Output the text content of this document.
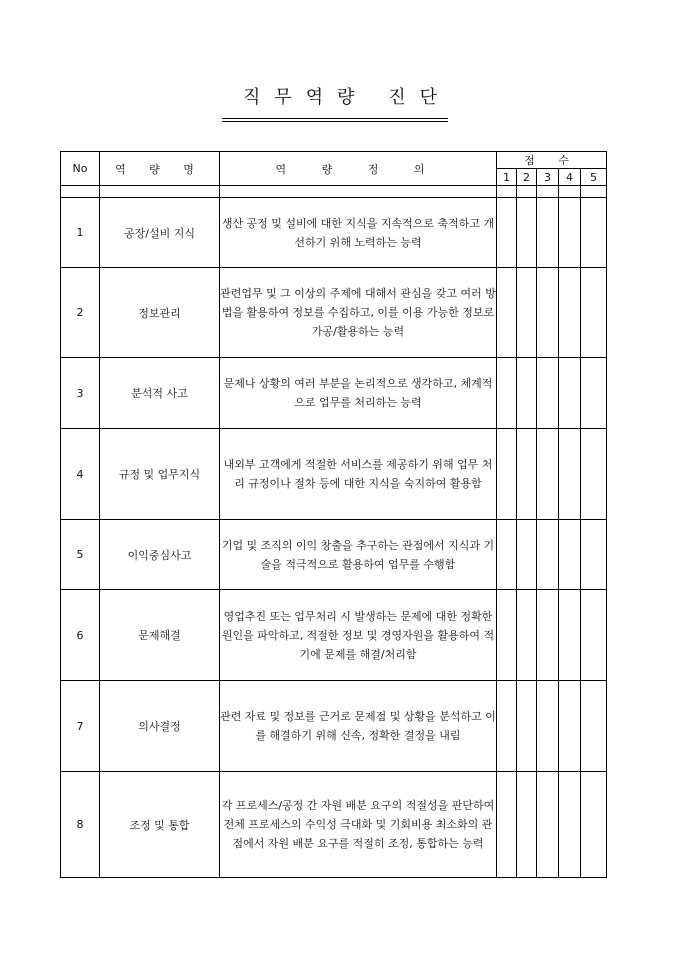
직무역량 진단
No	역 량 명	역 량 정 의	점 수				
			1	2	3	4	5

1	공장/설비 지식	생산 공정 및 설비에 대한 지식을 지속적으로 축적하고 개선하기 위해 노력하는 능력					
2	정보관리	관련업무 및 그 이상의 주제에 대해서 관심을 갖고 여러 방법을 활용하여 정보를 수집하고, 이를 이용 가능한 정보로 가공/활용하는 능력					
3	분석적 사고	문제나 상황의 여러 부분을 논리적으로 생각하고, 체계적으로 업무를 처리하는 능력					
4	규정 및 업무지식	내외부 고객에게 적절한 서비스를 제공하기 위해 업무 처리 규정이나 절차 등에 대한 지식을 숙지하여 활용함					
5	이익중심사고	기업 및 조직의 이익 창출을 추구하는 관점에서 지식과 기술을 적극적으로 활용하여 업무를 수행함					
6	문제해결	영업추진 또는 업무처리 시 발생하는 문제에 대한 정확한 원인을 파악하고, 적절한 정보 및 경영자원을 활용하여 적기에 문제를 해결/처리함					
7	의사결정	관련 자료 및 정보를 근거로 문제점 및 상황을 분석하고 이를 해결하기 위해 신속, 정확한 결정을 내림					
8	조정 및 통합	각 프로세스/공정 간 자원 배분 요구의 적절성을 판단하여 전체 프로세스의 수익성 극대화 및 기회비용 최소화의 관점에서 자원 배분 요구를 적절히 조정, 통합하는 능력					
